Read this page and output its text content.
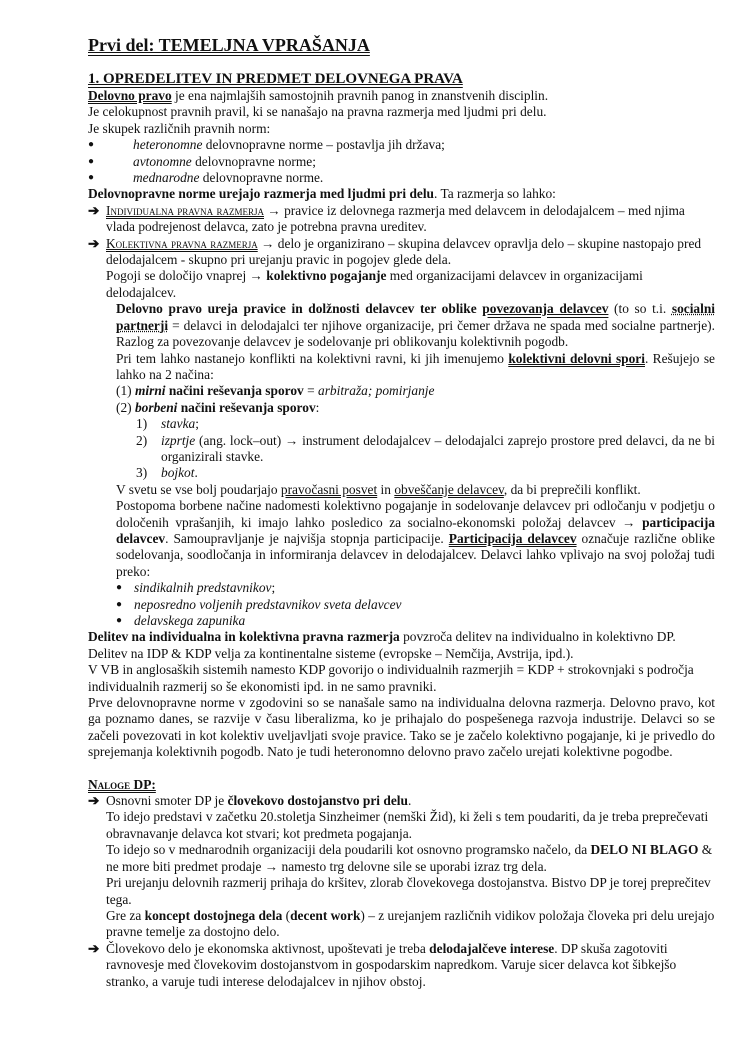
Prvi del: TEMELJNA VPRAŠANJA
1. OPREDELITEV IN PREDMET DELOVNEGA PRAVA

Delovno pravo je ena najmlajših samostojnih pravnih panog in znanstvenih disciplin.

Je celokupnost pravnih pravil, ki se nanašajo na pravna razmerja med ljudmi pri delu.

Je skupek različnih pravnih norm:

●	heteronomne delovnopravne norme – postavlja jih država;
●	avtonomne delovnopravne norme;
●	mednarodne delovnopravne norme.

Delovnopravne norme urejajo razmerja med ljudmi pri delu. Ta razmerja so lahko:

➔ Individualna pravna razmerja → pravice iz delovnega razmerja med delavcem in delodajalcem – med njima vlada podrejenost delavca, zato je potrebna pravna ureditev.
➔ Kolektivna pravna razmerja → delo je organizirano – skupina delavcev opravlja delo – skupine nastopajo pred delodajalcem - skupno pri urejanju pravic in pogojev glede dela.

Pogoji se določijo vnaprej → kolektivno pogajanje med organizacijami delavcev in organizacijami delodajalcev.

Delovno pravo ureja pravice in dolžnosti delavcev ter oblike povezovanja delavcev (to so t.i. socialni partnerji = delavci in delodajalci ter njihove organizacije, pri čemer država ne spada med socialne partnerje). Razlog za povezovanje delavcev je sodelovanje pri oblikovanju kolektivnih pogodb.

Pri tem lahko nastanejo konflikti na kolektivni ravni, ki jih imenujemo kolektivni delovni spori. Rešujejo se lahko na 2 načina:

(1) mirni načini reševanja sporov = arbitraža; pomirjanje

(2) borbeni načini reševanja sporov:

1)	stavka;
2)	izprtje (ang. lock–out) → instrument delodajalcev – delodajalci zaprejo prostore pred delavci, da ne bi organizirali stavke.
3)	bojkot.

V svetu se vse bolj poudarjajo pravočasni posvet in obveščanje delavcev, da bi preprečili konflikt.

Postopoma borbene načine nadomesti kolektivno pogajanje in sodelovanje delavcev pri odločanju v podjetju o določenih vprašanjih, ki imajo lahko posledico za socialno-ekonomski položaj delavcev → participacija delavcev. Samoupravljanje je najvišja stopnja participacije. Participacija delavcev označuje različne oblike sodelovanja, soodločanja in informiranja delavcev in delodajalcev. Delavci lahko vplivajo na svoj položaj tudi preko:

● sindikalnih predstavnikov;
● neposredno voljenih predstavnikov sveta delavcev
● delavskega zapunika

Delitev na individualna in kolektivna pravna razmerja povzroča delitev na individualno in kolektivno DP.

Delitev na IDP & KDP velja za kontinentalne sisteme (evropske – Nemčija, Avstrija, ipd.).

V VB in anglosaških sistemih namesto KDP govorijo o individualnih razmerjih = KDP + strokovnjaki s področja individualnih razmerij so še ekonomisti ipd. in ne samo pravniki.

Prve delovnopravne norme v zgodovini so se nanašale samo na individualna delovna razmerja. Delovno pravo, kot ga poznamo danes, se razvije v času liberalizma, ko je prihajalo do pospešenega razvoja industrije. Delavci so se začeli povezovati in kot kolektiv uveljavljati svoje pravice. Tako se je začelo kolektivno pogajanje, ki je privedlo do sprejemanja kolektivnih pogodb. Nato je tudi heteronomno delovno pravo začelo urejati kolektivne pogodbe.

Naloge DP:

➔ Osnovni smoter DP je človekovo dostojanstvo pri delu.

To idejo predstavi v začetku 20.stoletja Sinzheimer (nemški Žid), ki želi s tem poudariti, da je treba preprečevati obravnavanje delavca kot stvari; kot predmeta pogajanja.

To idejo so v mednarodnih organizaciji dela poudarili kot osnovno programsko načelo, da DELO NI BLAGO & ne more biti predmet prodaje → namesto trg delovne sile se uporabi izraz trg dela.

Pri urejanju delovnih razmerij prihaja do kršitev, zlorab človekovega dostojanstva. Bistvo DP je torej preprečitev tega.

Gre za koncept dostojnega dela (decent work) – z urejanjem različnih vidikov položaja človeka pri delu urejajo pravne temelje za dostojno delo.

➔ Človekovo delo je ekonomska aktivnost, upoštevati je treba delodajalčeve interese. DP skuša zagotoviti ravnovesje med človekovim dostojanstvom in gospodarskim napredkom. Varuje sicer delavca kot šibkejšo stranko, a varuje tudi interese delodajalcev in njihov obstoj.
